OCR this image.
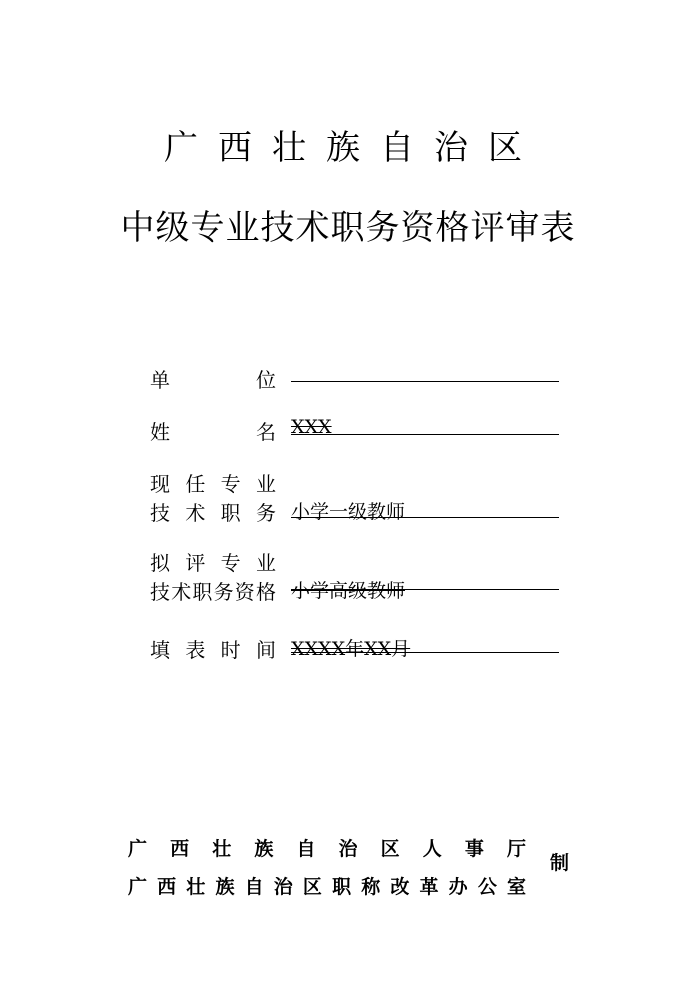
广西壮族自治区
中级专业技术职务资格评审表
单 位
姓 名 XXX
现任专业
技术职务 小学一级教师
拟评专业
技术职务资格 小学高级教师
填表时间 XXXX年XX月
广西壮族自治区人事厅
广西壮族自治区职称改革办公室
制
